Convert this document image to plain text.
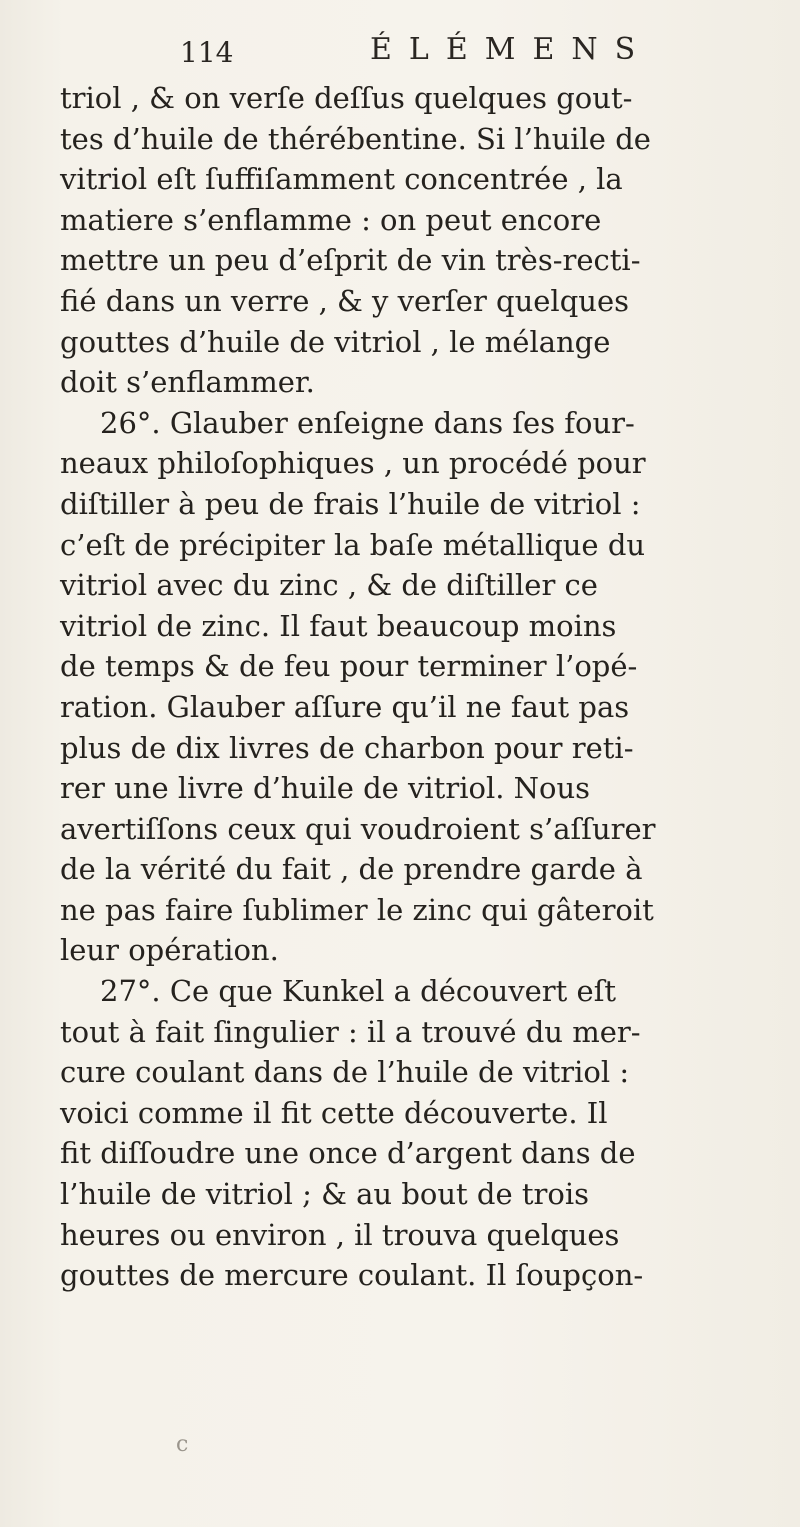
114	ÉLÉMENS
triol , & on verſe deſſus quelques gout-
tes d’huile de thérébentine. Si l’huile de
vitriol eſt ſuffiſamment concentrée , la
matiere s’enflamme : on peut encore
mettre un peu d’eſprit de vin très-recti-
fié dans un verre , & y verſer quelques
gouttes d’huile de vitriol , le mélange
doit s’enflammer.
26°. Glauber enſeigne dans ſes four-
neaux philoſophiques , un procédé pour
diſtiller à peu de frais l’huile de vitriol :
c’eſt de précipiter la baſe métallique du
vitriol avec du zinc , & de diſtiller ce
vitriol de zinc. Il faut beaucoup moins
de temps & de feu pour terminer l’opé-
ration. Glauber aſſure qu’il ne faut pas
plus de dix livres de charbon pour reti-
rer une livre d’huile de vitriol. Nous
avertiſſons ceux qui voudroient s’aſſurer
de la vérité du fait , de prendre garde à
ne pas faire ſublimer le zinc qui gâteroit
leur opération.
27°. Ce que Kunkel a découvert eſt
tout à fait ſingulier : il a trouvé du mer-
cure coulant dans de l’huile de vitriol :
voici comme il fit cette découverte. Il
fit diſſoudre une once d’argent dans de
l’huile de vitriol ; & au bout de trois
heures ou environ , il trouva quelques
gouttes de mercure coulant. Il ſoupçon-
c
